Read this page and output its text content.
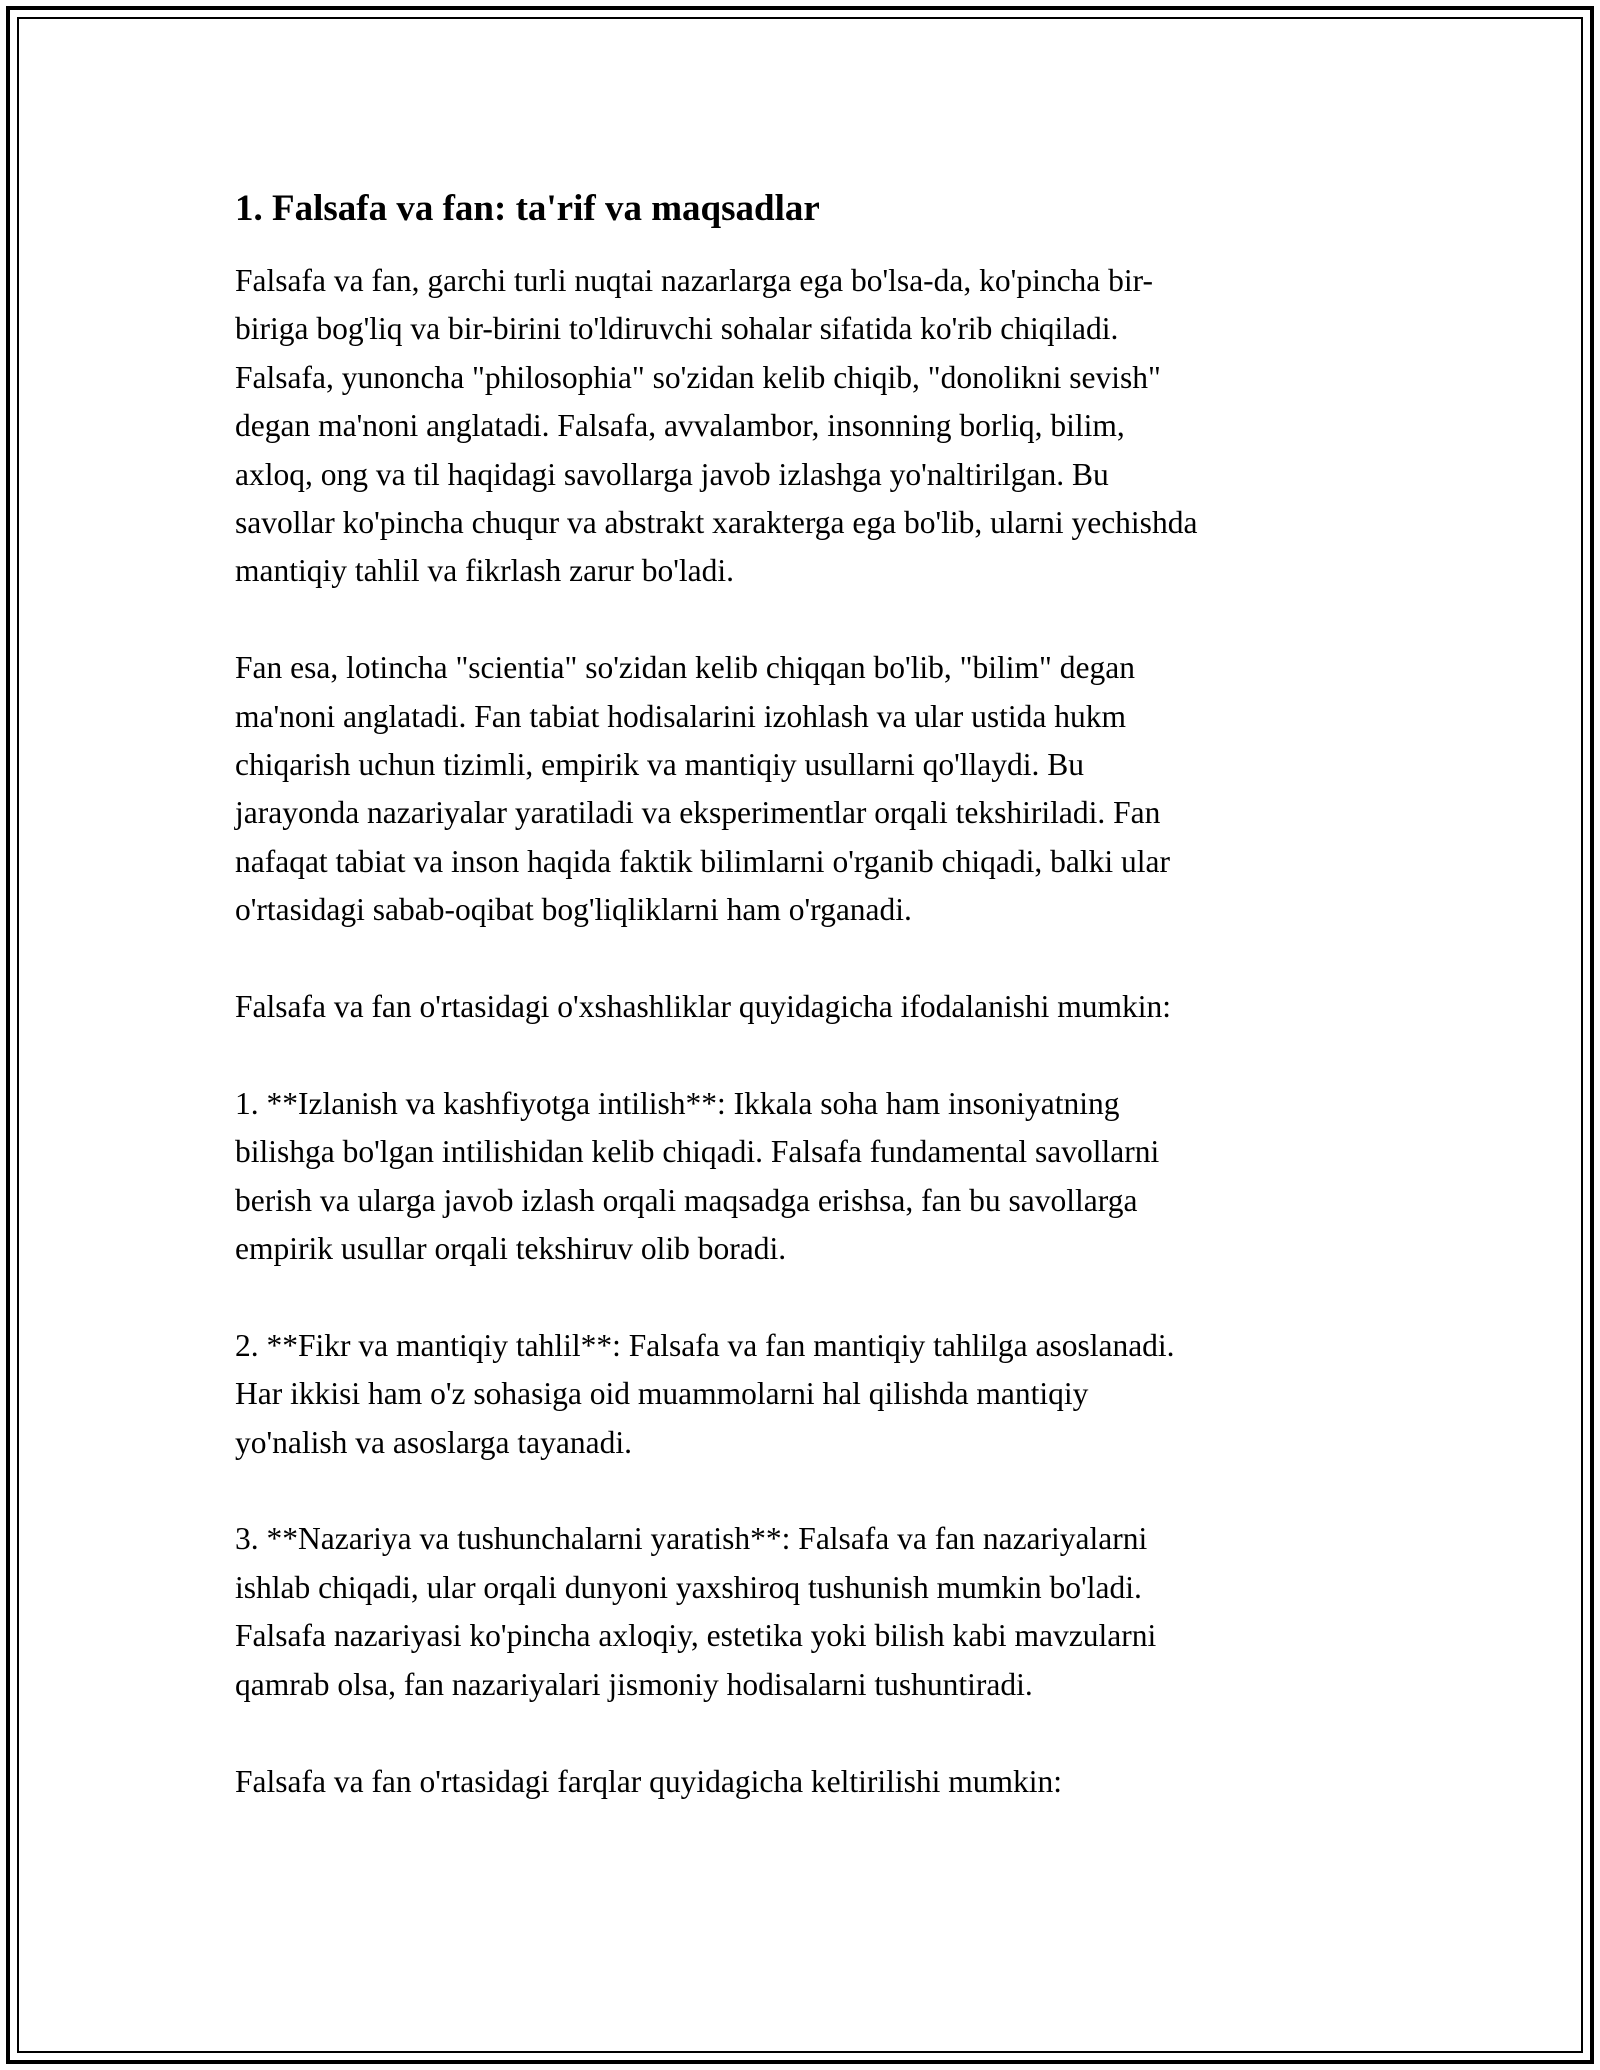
1. Falsafa va fan: ta'rif va maqsadlar

Falsafa va fan, garchi turli nuqtai nazarlarga ega bo'lsa-da, ko'pincha bir-
biriga bog'liq va bir-birini to'ldiruvchi sohalar sifatida ko'rib chiqiladi.
Falsafa, yunoncha "philosophia" so'zidan kelib chiqib, "donolikni sevish"
degan ma'noni anglatadi. Falsafa, avvalambor, insonning borliq, bilim,
axloq, ong va til haqidagi savollarga javob izlashga yo'naltirilgan. Bu
savollar ko'pincha chuqur va abstrakt xarakterga ega bo'lib, ularni yechishda
mantiqiy tahlil va fikrlash zarur bo'ladi.

Fan esa, lotincha "scientia" so'zidan kelib chiqqan bo'lib, "bilim" degan
ma'noni anglatadi. Fan tabiat hodisalarini izohlash va ular ustida hukm
chiqarish uchun tizimli, empirik va mantiqiy usullarni qo'llaydi. Bu
jarayonda nazariyalar yaratiladi va eksperimentlar orqali tekshiriladi. Fan
nafaqat tabiat va inson haqida faktik bilimlarni o'rganib chiqadi, balki ular
o'rtasidagi sabab-oqibat bog'liqliklarni ham o'rganadi.

Falsafa va fan o'rtasidagi o'xshashliklar quyidagicha ifodalanishi mumkin:

1. **Izlanish va kashfiyotga intilish**: Ikkala soha ham insoniyatning
bilishga bo'lgan intilishidan kelib chiqadi. Falsafa fundamental savollarni
berish va ularga javob izlash orqali maqsadga erishsa, fan bu savollarga
empirik usullar orqali tekshiruv olib boradi.

2. **Fikr va mantiqiy tahlil**: Falsafa va fan mantiqiy tahlilga asoslanadi.
Har ikkisi ham o'z sohasiga oid muammolarni hal qilishda mantiqiy
yo'nalish va asoslarga tayanadi.

3. **Nazariya va tushunchalarni yaratish**: Falsafa va fan nazariyalarni
ishlab chiqadi, ular orqali dunyoni yaxshiroq tushunish mumkin bo'ladi.
Falsafa nazariyasi ko'pincha axloqiy, estetika yoki bilish kabi mavzularni
qamrab olsa, fan nazariyalari jismoniy hodisalarni tushuntiradi.

Falsafa va fan o'rtasidagi farqlar quyidagicha keltirilishi mumkin:
